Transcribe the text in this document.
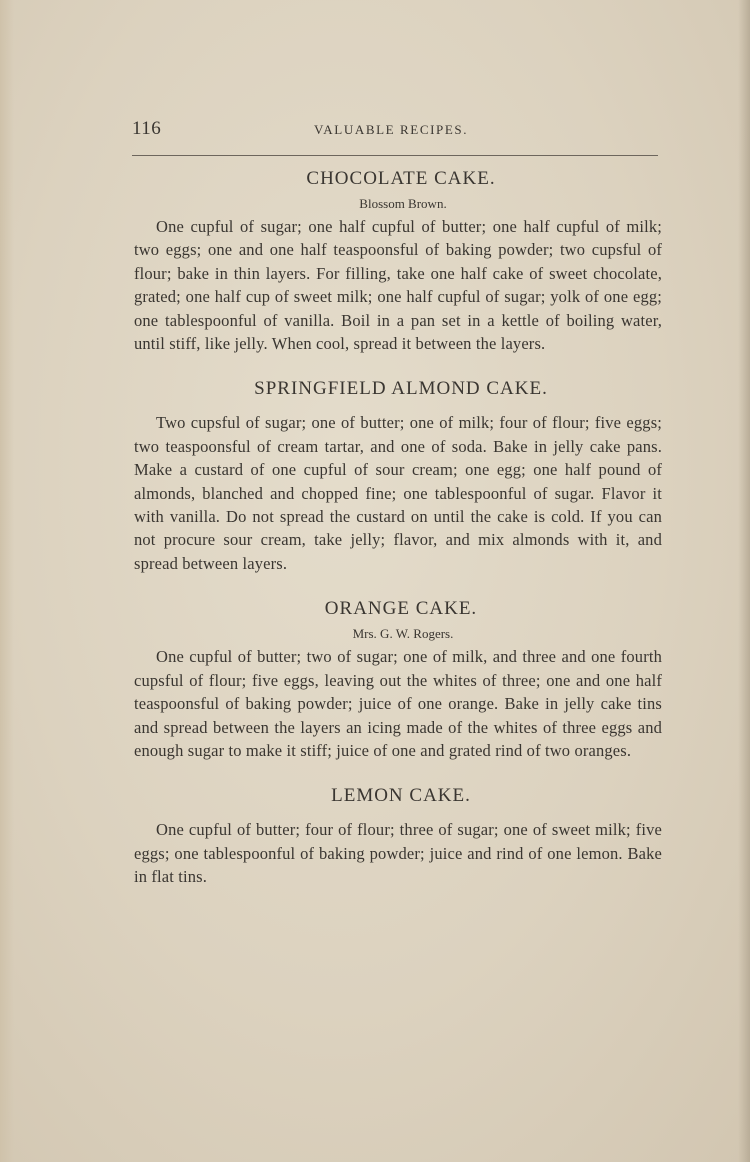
116	VALUABLE RECIPES.
CHOCOLATE CAKE.

Blossom Brown.

One cupful of sugar; one half cupful of butter; one half cupful of milk; two eggs; one and one half teaspoonsful of baking powder; two cupsful of flour; bake in thin layers. For filling, take one half cake of sweet chocolate, grated; one half cup of sweet milk; one half cupful of sugar; yolk of one egg; one tablespoonful of vanilla. Boil in a pan set in a kettle of boiling water, until stiff, like jelly. When cool, spread it between the layers.

SPRINGFIELD ALMOND CAKE.

Two cupsful of sugar; one of butter; one of milk; four of flour; five eggs; two teaspoonsful of cream tartar, and one of soda. Bake in jelly cake pans. Make a custard of one cupful of sour cream; one egg; one half pound of almonds, blanched and chopped fine; one tablespoonful of sugar. Flavor it with vanilla. Do not spread the custard on until the cake is cold. If you can not procure sour cream, take jelly; flavor, and mix almonds with it, and spread between layers.

ORANGE CAKE.

Mrs. G. W. Rogers.

One cupful of butter; two of sugar; one of milk, and three and one fourth cupsful of flour; five eggs, leaving out the whites of three; one and one half teaspoonsful of baking powder; juice of one orange. Bake in jelly cake tins and spread between the layers an icing made of the whites of three eggs and enough sugar to make it stiff; juice of one and grated rind of two oranges.

LEMON CAKE.

One cupful of butter; four of flour; three of sugar; one of sweet milk; five eggs; one tablespoonful of baking powder; juice and rind of one lemon. Bake in flat tins.
